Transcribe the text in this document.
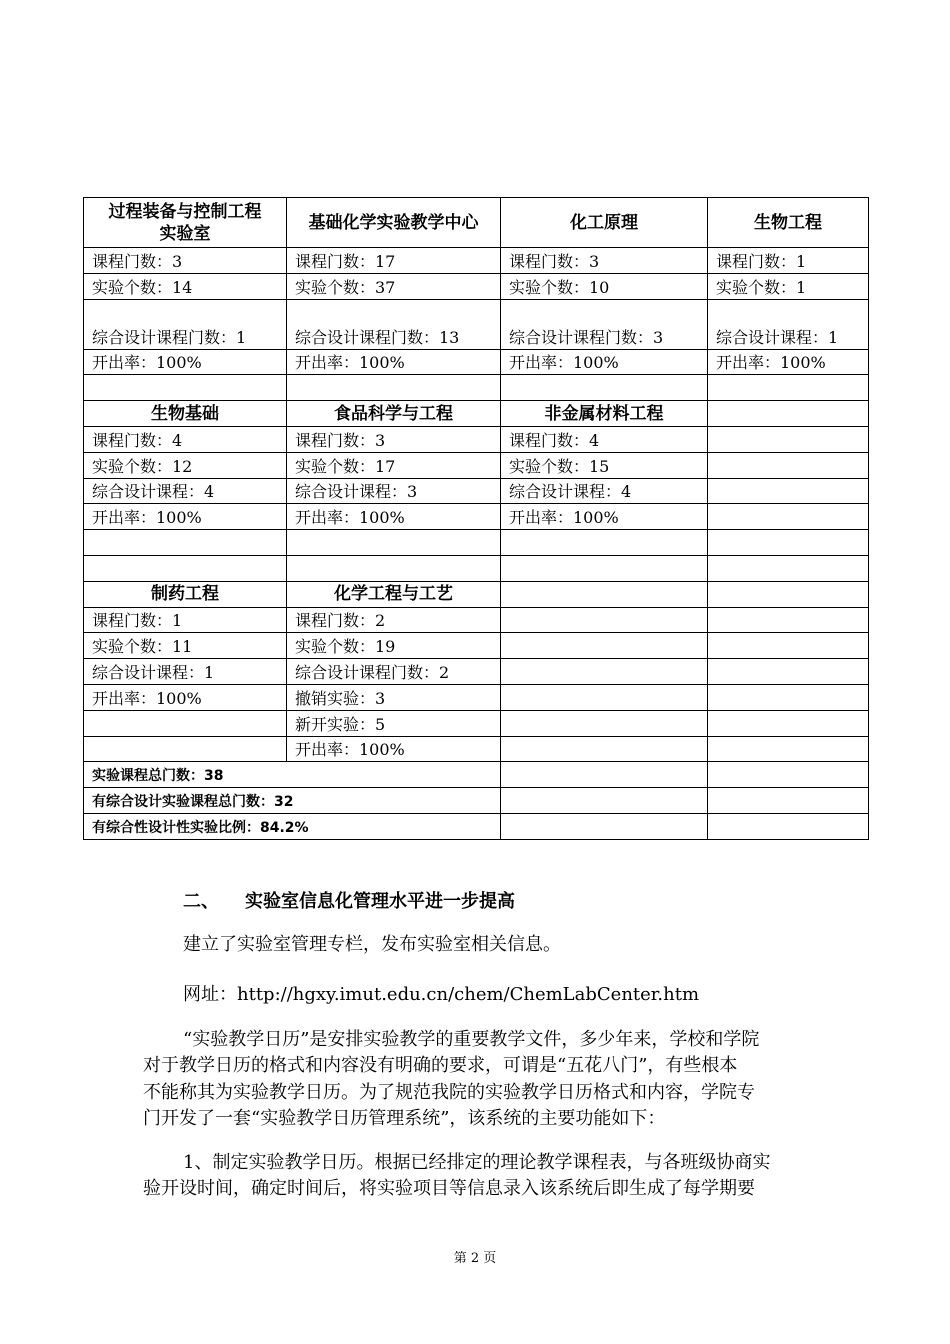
过程装备与控制工程
实验室	基础化学实验教学中心	化工原理	生物工程
课程门数：3	课程门数：17	课程门数：3	课程门数：1
实验个数：14	实验个数：37	实验个数：10	实验个数：1
综合设计课程门数：1	综合设计课程门数：13	综合设计课程门数：3	综合设计课程：1
开出率：100%	开出率：100%	开出率：100%	开出率：100%

生物基础	食品科学与工程	非金属材料工程	
课程门数：4	课程门数：3	课程门数：4	
实验个数：12	实验个数：17	实验个数：15	
综合设计课程：4	综合设计课程：3	综合设计课程：4	
开出率：100%	开出率：100%	开出率：100%	

制药工程	化学工程与工艺		
课程门数：1	课程门数：2		
实验个数：11	实验个数：19		
综合设计课程：1	综合设计课程门数：2		
开出率：100%	撤销实验：3		
	新开实验：5		
	开出率：100%		
实验课程总门数：38			
有综合设计实验课程总门数：32			
有综合性设计性实验比例：84.2%			
二、 实验室信息化管理水平进一步提高
建立了实验室管理专栏，发布实验室相关信息。
网址：http://hgxy.imut.edu.cn/chem/ChemLabCenter.htm
“实验教学日历”是安排实验教学的重要教学文件，多少年来，学校和学院
对于教学日历的格式和内容没有明确的要求，可谓是“五花八门”，有些根本
不能称其为实验教学日历。为了规范我院的实验教学日历格式和内容，学院专
门开发了一套“实验教学日历管理系统”，该系统的主要功能如下：
1、制定实验教学日历。根据已经排定的理论教学课程表，与各班级协商实
验开设时间，确定时间后，将实验项目等信息录入该系统后即生成了每学期要
第 2 页
